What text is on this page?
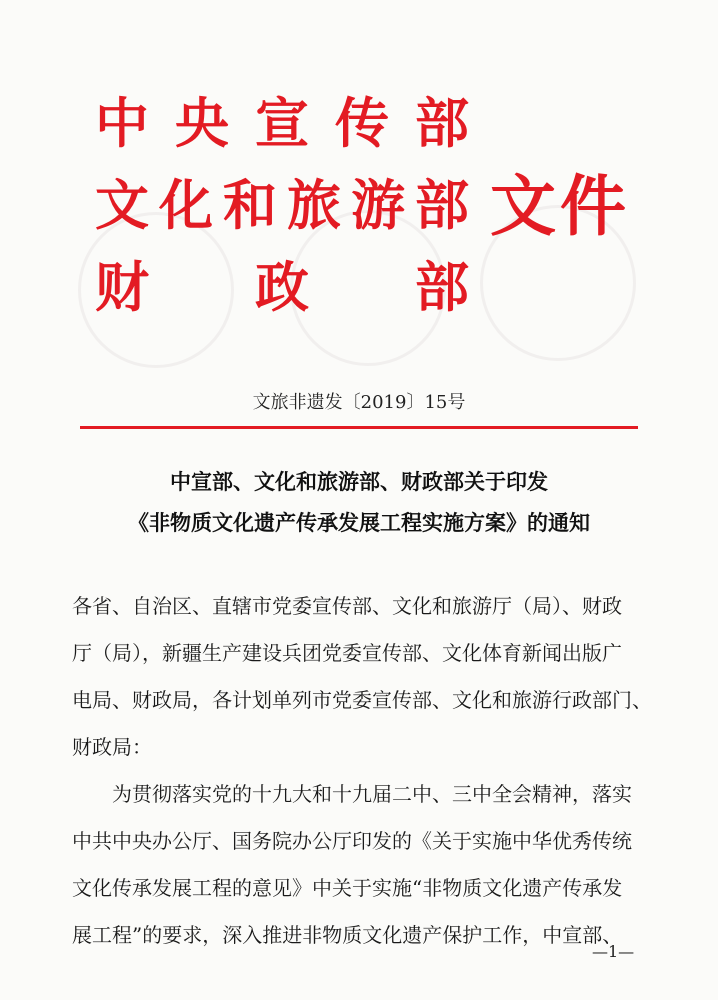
中 央 宣 传 部
文 化 和 旅 游 部
财 政 部
文件
文旅非遗发〔2019〕15号
中宣部、文化和旅游部、财政部关于印发
《非物质文化遗产传承发展工程实施方案》的通知
各省、自治区、直辖市党委宣传部、文化和旅游厅（局）、财政
厅（局），新疆生产建设兵团党委宣传部、文化体育新闻出版广
电局、财政局，各计划单列市党委宣传部、文化和旅游行政部门、
财政局：
为贯彻落实党的十九大和十九届二中、三中全会精神，落实
中共中央办公厅、国务院办公厅印发的《关于实施中华优秀传统
文化传承发展工程的意见》中关于实施“非物质文化遗产传承发
展工程”的要求，深入推进非物质文化遗产保护工作，中宣部、
—1—
